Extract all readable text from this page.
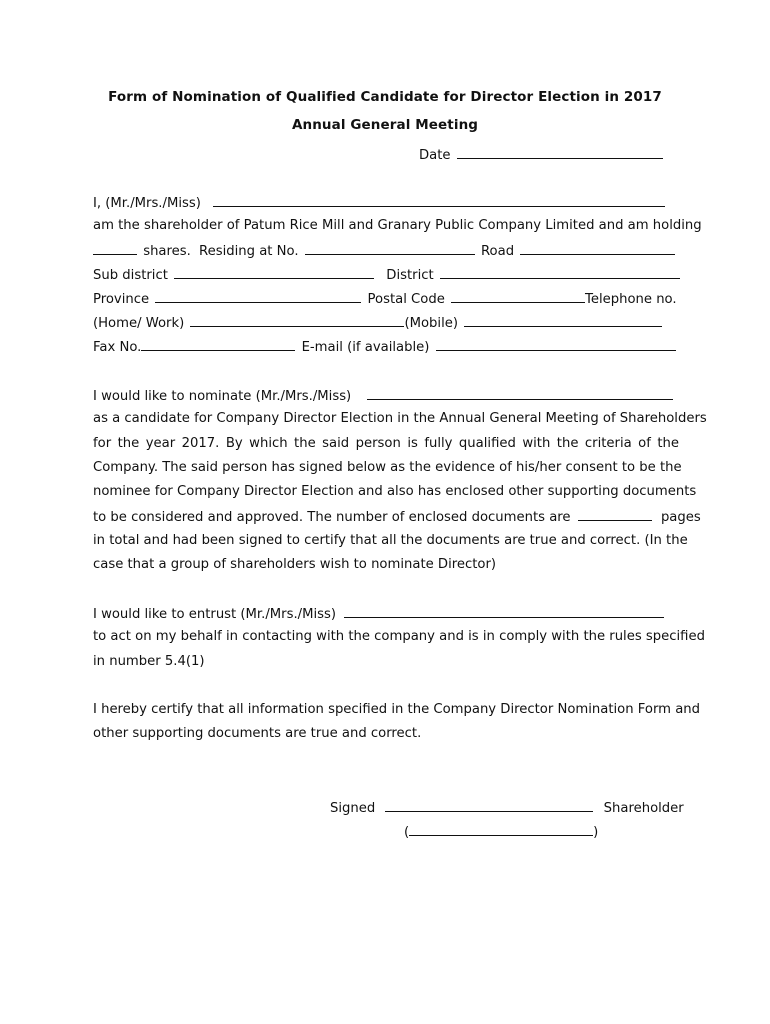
Form of Nomination of Qualified Candidate for Director Election in 2017
Annual General Meeting
Date
I, (Mr./Mrs./Miss)
am the shareholder of Patum Rice Mill and Granary Public Company Limited and am holding
shares. Residing at No.	Road
Sub district	District
Province	Postal Code	Telephone no.
(Home/ Work)	(Mobile)
Fax No.	E-mail (if available)
I would like to nominate (Mr./Mrs./Miss)
as a candidate for Company Director Election in the Annual General Meeting of Shareholders
for the year 2017. By which the said person is fully qualified with the criteria of the
Company. The said person has signed below as the evidence of his/her consent to be the
nominee for Company Director Election and also has enclosed other supporting documents
to be considered and approved. The number of enclosed documents are	pages
in total and had been signed to certify that all the documents are true and correct. (In the
case that a group of shareholders wish to nominate Director)
I would like to entrust (Mr./Mrs./Miss)
to act on my behalf in contacting with the company and is in comply with the rules specified
in number 5.4(1)
I hereby certify that all information specified in the Company Director Nomination Form and
other supporting documents are true and correct.
Signed	Shareholder
(	)
